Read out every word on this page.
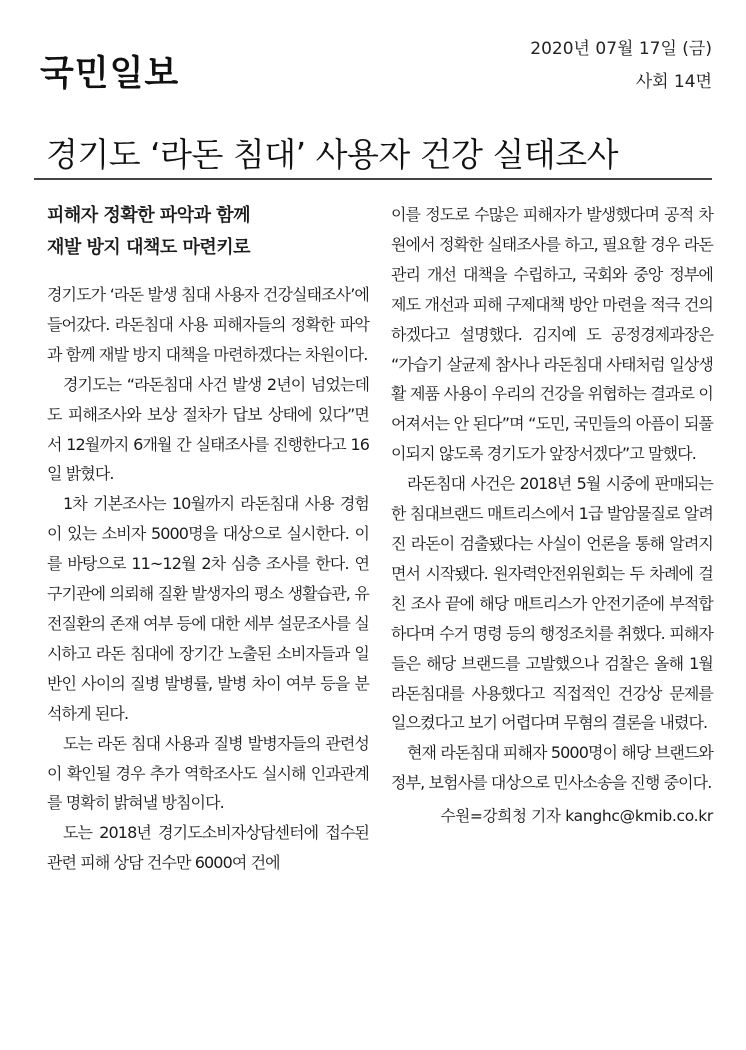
국민일보
2020년 07월 17일 (금)
사회 14면
경기도 ‘라돈 침대’ 사용자 건강 실태조사
피해자 정확한 파악과 함께
재발 방지 대책도 마련키로

경기도가 ‘라돈 발생 침대 사용자 건강실태조사’에 들어갔다. 라돈침대 사용 피해자들의 정확한 파악과 함께 재발 방지 대책을 마련하겠다는 차원이다.

경기도는 “라돈침대 사건 발생 2년이 넘었는데도 피해조사와 보상 절차가 답보 상태에 있다”면서 12월까지 6개월 간 실태조사를 진행한다고 16일 밝혔다.

1차 기본조사는 10월까지 라돈침대 사용 경험이 있는 소비자 5000명을 대상으로 실시한다. 이를 바탕으로 11~12월 2차 심층 조사를 한다. 연구기관에 의뢰해 질환 발생자의 평소 생활습관, 유전질환의 존재 여부 등에 대한 세부 설문조사를 실시하고 라돈 침대에 장기간 노출된 소비자들과 일반인 사이의 질병 발병률, 발병 차이 여부 등을 분석하게 된다.

도는 라돈 침대 사용과 질병 발병자들의 관련성이 확인될 경우 추가 역학조사도 실시해 인과관계를 명확히 밝혀낼 방침이다.

도는 2018년 경기도소비자상담센터에 접수된 관련 피해 상담 건수만 6000여 건에

이를 정도로 수많은 피해자가 발생했다며 공적 차원에서 정확한 실태조사를 하고, 필요할 경우 라돈 관리 개선 대책을 수립하고, 국회와 중앙 정부에 제도 개선과 피해 구제대책 방안 마련을 적극 건의하겠다고 설명했다. 김지예 도 공정경제과장은 “가습기 살균제 참사나 라돈침대 사태처럼 일상생활 제품 사용이 우리의 건강을 위협하는 결과로 이어져서는 안 된다”며 “도민, 국민들의 아픔이 되풀이되지 않도록 경기도가 앞장서겠다”고 말했다.

라돈침대 사건은 2018년 5월 시중에 판매되는 한 침대브랜드 매트리스에서 1급 발암물질로 알려진 라돈이 검출됐다는 사실이 언론을 통해 알려지면서 시작됐다. 원자력안전위원회는 두 차례에 걸친 조사 끝에 해당 매트리스가 안전기준에 부적합하다며 수거 명령 등의 행정조치를 취했다. 피해자들은 해당 브랜드를 고발했으나 검찰은 올해 1월 라돈침대를 사용했다고 직접적인 건강상 문제를 일으켰다고 보기 어렵다며 무혐의 결론을 내렸다.

현재 라돈침대 피해자 5000명이 해당 브랜드와 정부, 보험사를 대상으로 민사소송을 진행 중이다.

수원=강희청 기자 kanghc@kmib.co.kr
